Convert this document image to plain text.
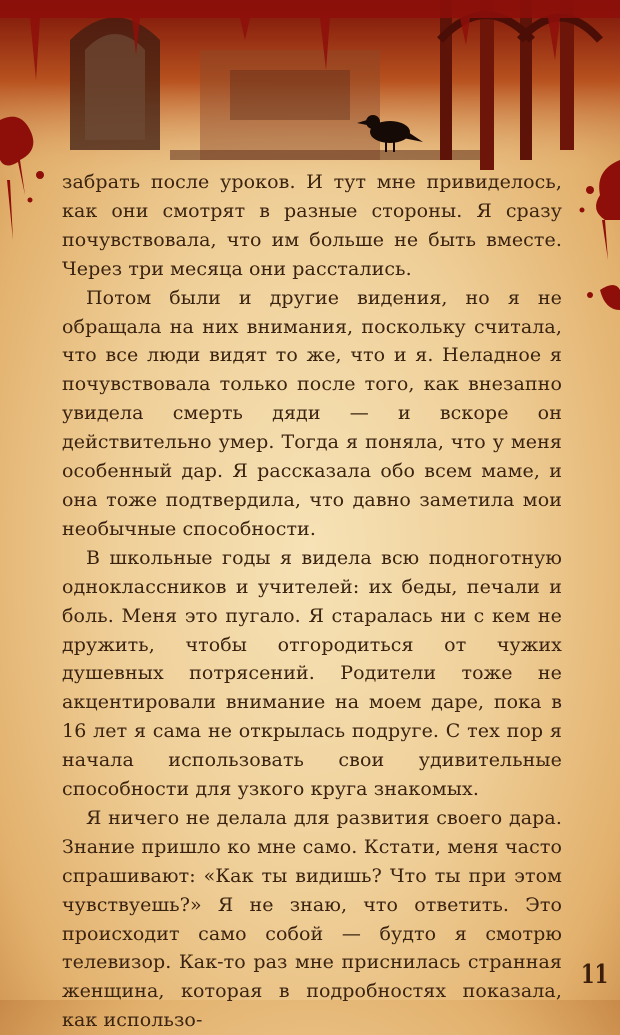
забрать после уроков. И тут мне привиделось, как они смотрят в разные стороны. Я сразу почувствовала, что им больше не быть вместе. Через три месяца они расстались.

Потом были и другие видения, но я не обращала на них внимания, поскольку считала, что все люди видят то же, что и я. Неладное я почувствовала только после того, как внезапно увидела смерть дяди — и вскоре он действительно умер. Тогда я поняла, что у меня особенный дар. Я рассказала обо всем маме, и она тоже подтвердила, что давно заметила мои необычные способности.

В школьные годы я видела всю подноготную одноклассников и учителей: их беды, печали и боль. Меня это пугало. Я старалась ни с кем не дружить, чтобы отгородиться от чужих душевных потрясений. Родители тоже не акцентировали внимание на моем даре, пока в 16 лет я сама не открылась подруге. С тех пор я начала использовать свои удивительные способности для узкого круга знакомых.

Я ничего не делала для развития своего дара. Знание пришло ко мне само. Кстати, меня часто спрашивают: «Как ты видишь? Что ты при этом чувствуешь?» Я не знаю, что ответить. Это происходит само собой — будто я смотрю телевизор. Как-то раз мне приснилась странная женщина, которая в подробностях показала, как использо-

11
